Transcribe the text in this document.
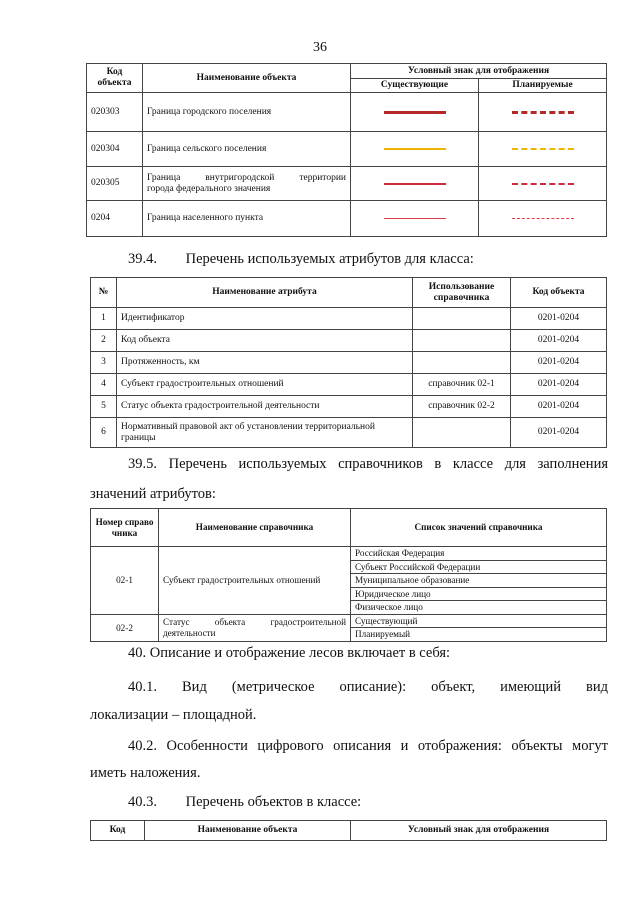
36
Код объекта	Наименование объекта	Условный знак для отображения	
		Существующие	Планируемые
020303	Граница городского поселения	

020304	Граница сельского поселения	

020305	Граница внутригородской территории
города федерального значения		

0204	Граница населенного пункта	

39.4. Перечень используемых атрибутов для класса:
№	Наименование атрибута	Использование справочника	Код объекта
1	Идентификатор		0201-0204
2	Код объекта		0201-0204
3	Протяженность, км		0201-0204
4	Субъект градостроительных отношений	справочник 02-1	0201-0204
5	Статус объекта градостроительной деятельности	справочник 02-2	0201-0204
6	Нормативный правовой акт об установлении территориальной границы		0201-0204
39.5. Перечень используемых справочников в классе для заполнения
значений атрибутов:
Номер справочника	Наименование справочника	Список значений справочника
02-1	Субъект градостроительных отношений	Российская Федерация
		Субъект Российской Федерации
		Муниципальное образование
		Юридическое лицо
		Физическое лицо
02-2	Статус объекта градостроительной деятельности	Существующий
		Планируемый
40. Описание и отображение лесов включает в себя:
40.1. Вид (метрическое описание): объект, имеющий вид
локализации – площадной.
40.2. Особенности цифрового описания и отображения: объекты могут
иметь наложения.
40.3. Перечень объектов в классе:
Код	Наименование объекта	Условный знак для отображения
